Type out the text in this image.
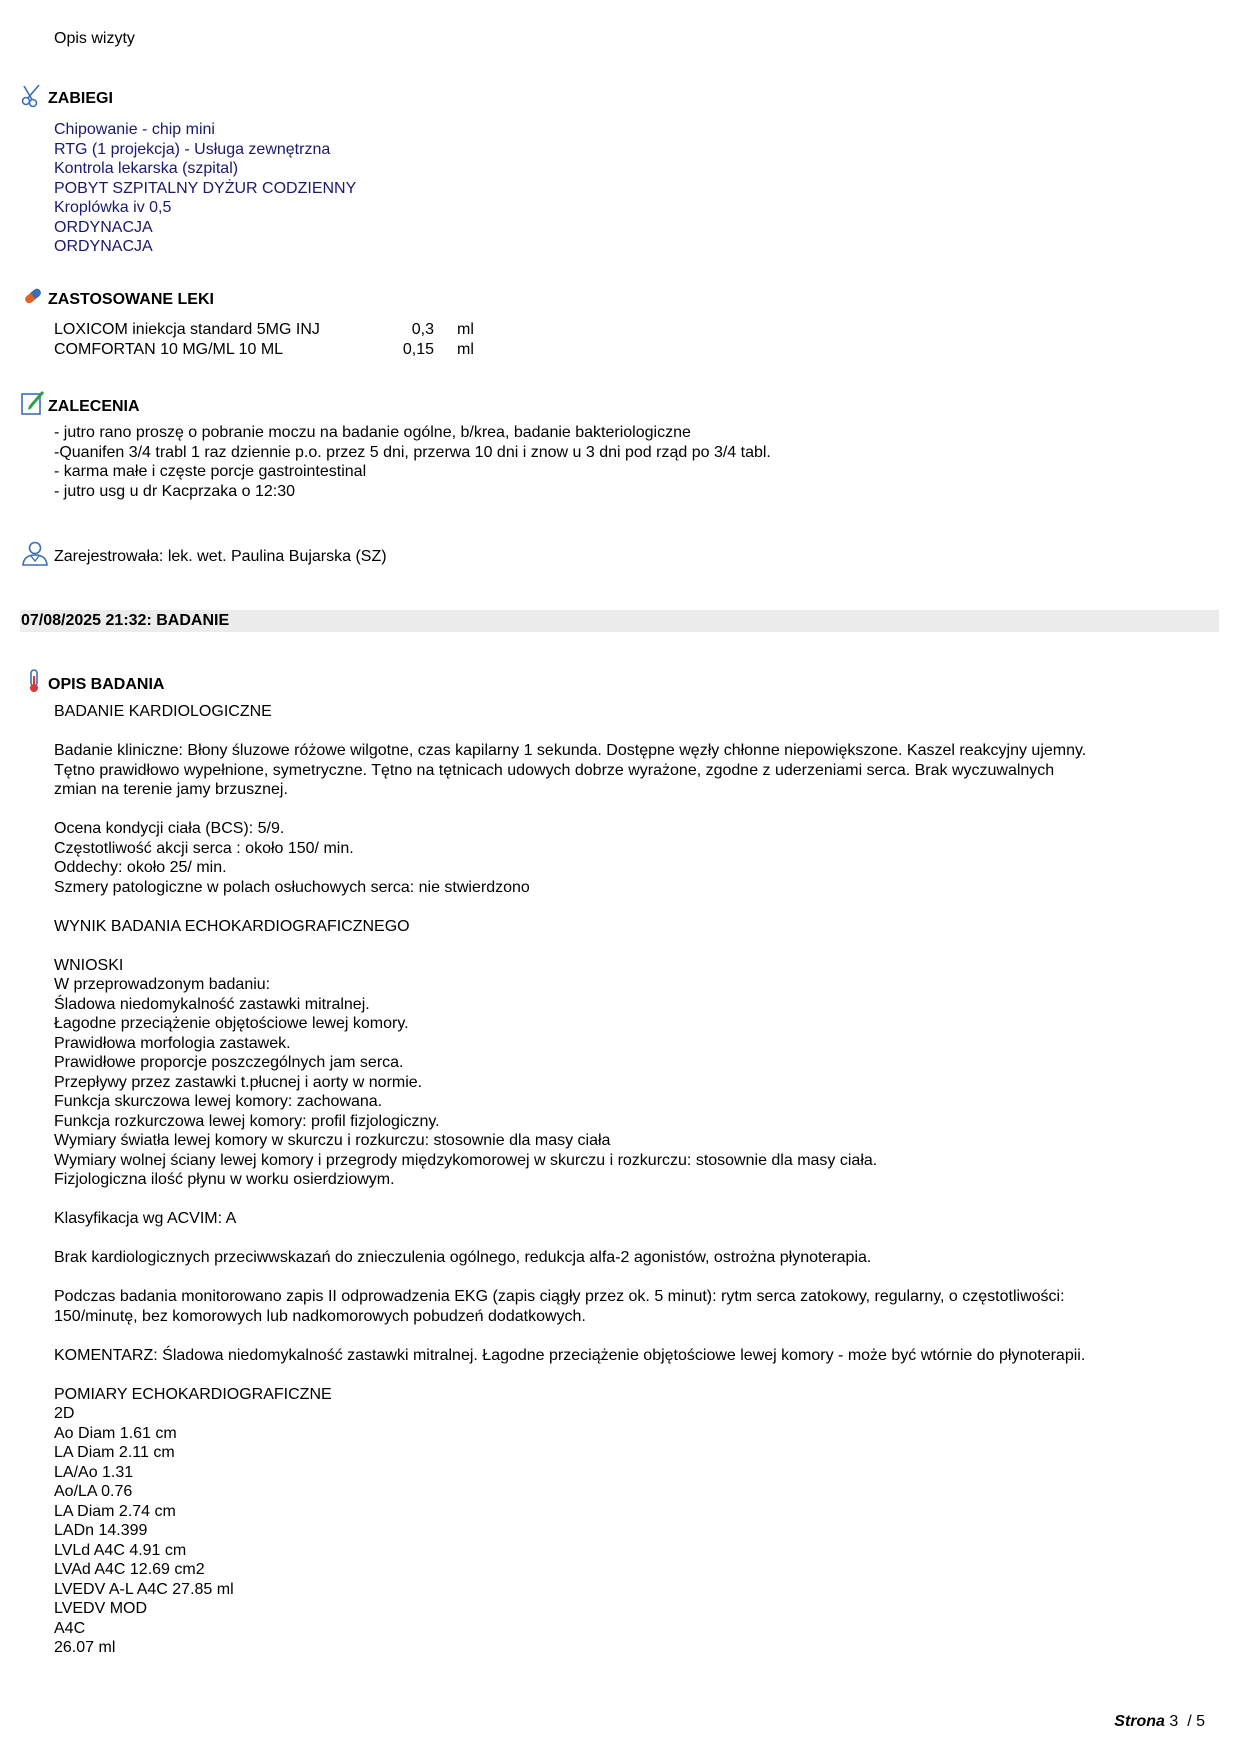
Opis wizyty
ZABIEGI
Chipowanie - chip mini
RTG (1 projekcja) - Usługa zewnętrzna
Kontrola lekarska (szpital)
POBYT SZPITALNY DYŻUR CODZIENNY
Kroplówka iv 0,5
ORDYNACJA
ORDYNACJA
ZASTOSOWANE LEKI
LOXICOM iniekcja standard 5MG INJ	0,3	ml
COMFORTAN 10 MG/ML 10 ML	0,15	ml
ZALECENIA
- jutro rano proszę o pobranie moczu na badanie ogólne, b/krea, badanie bakteriologiczne
-Quanifen 3/4 trabl 1 raz dziennie p.o. przez 5 dni, przerwa 10 dni i znow u 3 dni pod rząd po 3/4 tabl.
- karma małe i częste porcje gastrointestinal
- jutro usg u dr Kacprzaka o 12:30
Zarejestrowała: lek. wet. Paulina Bujarska (SZ)
07/08/2025 21:32: BADANIE
OPIS BADANIA
BADANIE KARDIOLOGICZNE
Badanie kliniczne: Błony śluzowe różowe wilgotne, czas kapilarny 1 sekunda. Dostępne węzły chłonne niepowiększone. Kaszel reakcyjny ujemny.
Tętno prawidłowo wypełnione, symetryczne. Tętno na tętnicach udowych dobrze wyrażone, zgodne z uderzeniami serca. Brak wyczuwalnych
zmian na terenie jamy brzusznej.
Ocena kondycji ciała (BCS): 5/9.
Częstotliwość akcji serca : około 150/ min.
Oddechy: około 25/ min.
Szmery patologiczne w polach osłuchowych serca: nie stwierdzono
WYNIK BADANIA ECHOKARDIOGRAFICZNEGO
WNIOSKI
W przeprowadzonym badaniu:
Śladowa niedomykalność zastawki mitralnej.
Łagodne przeciążenie objętościowe lewej komory.
Prawidłowa morfologia zastawek.
Prawidłowe proporcje poszczególnych jam serca.
Przepływy przez zastawki t.płucnej i aorty w normie.
Funkcja skurczowa lewej komory: zachowana.
Funkcja rozkurczowa lewej komory: profil fizjologiczny.
Wymiary światła lewej komory w skurczu i rozkurczu: stosownie dla masy ciała
Wymiary wolnej ściany lewej komory i przegrody międzykomorowej w skurczu i rozkurczu: stosownie dla masy ciała.
Fizjologiczna ilość płynu w worku osierdziowym.
Klasyfikacja wg ACVIM: A
Brak kardiologicznych przeciwwskazań do znieczulenia ogólnego, redukcja alfa-2 agonistów, ostrożna płynoterapia.
Podczas badania monitorowano zapis II odprowadzenia EKG (zapis ciągły przez ok. 5 minut): rytm serca zatokowy, regularny, o częstotliwości:
150/minutę, bez komorowych lub nadkomorowych pobudzeń dodatkowych.
KOMENTARZ: Śladowa niedomykalność zastawki mitralnej. Łagodne przeciążenie objętościowe lewej komory - może być wtórnie do płynoterapii.
POMIARY ECHOKARDIOGRAFICZNE
2D
Ao Diam 1.61 cm
LA Diam 2.11 cm
LA/Ao 1.31
Ao/LA 0.76
LA Diam 2.74 cm
LADn 14.399
LVLd A4C 4.91 cm
LVAd A4C 12.69 cm2
LVEDV A-L A4C 27.85 ml
LVEDV MOD
A4C
26.07 ml
Strona 3  / 5
